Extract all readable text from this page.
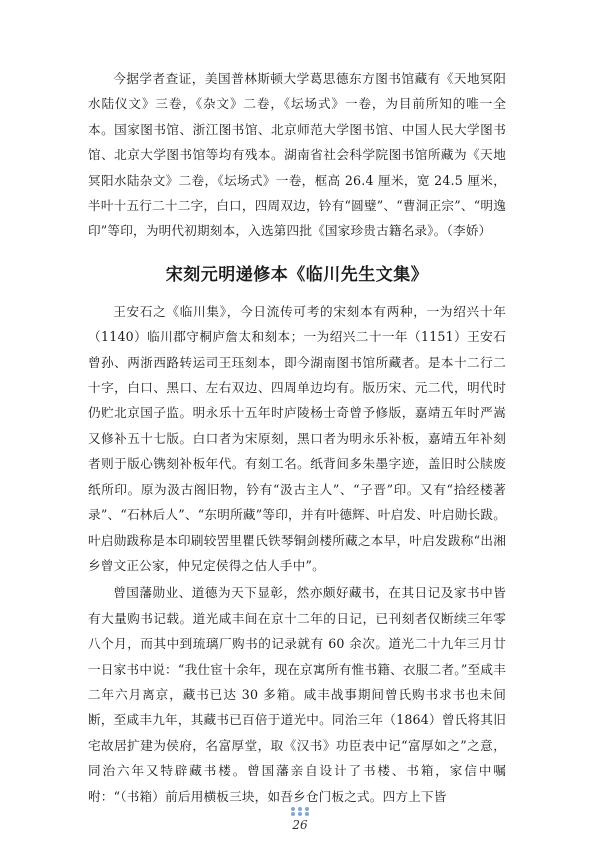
今据学者查证，美国普林斯顿大学葛思德东方图书馆藏有《天地冥阳水陆仪文》三卷，《杂文》二卷，《坛场式》一卷，为目前所知的唯一全本。国家图书馆、浙江图书馆、北京师范大学图书馆、中国人民大学图书馆、北京大学图书馆等均有残本。湖南省社会科学院图书馆所藏为《天地冥阳水陆杂文》二卷，《坛场式》一卷，框高 26.4 厘米，宽 24.5 厘米，半叶十五行二十二字，白口，四周双边，钤有“圆璧”、“曹洞正宗”、“明逸印”等印，为明代初期刻本，入选第四批《国家珍贵古籍名录》。（李娇）

宋刻元明递修本《临川先生文集》

王安石之《临川集》，今日流传可考的宋刻本有两种，一为绍兴十年（1140）临川郡守桐庐詹太和刻本；一为绍兴二十一年（1151）王安石曾孙、两浙西路转运司王珏刻本，即今湖南图书馆所藏者。是本十二行二十字，白口、黑口、左右双边、四周单边均有。版历宋、元二代，明代时仍贮北京国子监。明永乐十五年时庐陵杨士奇曾予修版，嘉靖五年时严嵩又修补五十七版。白口者为宋原刻，黑口者为明永乐补板，嘉靖五年补刻者则于版心镌刻补板年代。有刻工名。纸背间多朱墨字迹，盖旧时公牍废纸所印。原为汲古阁旧物，钤有“汲古主人”、“子晋”印。又有“拾经楼著录”、“石林后人”、“东明所藏”等印，并有叶德辉、叶启发、叶启勋长跋。叶启勋跋称是本印刷较罟里瞿氏铁琴铜剑楼所藏之本早，叶启发跋称“出湘乡曾文正公家，仲兄定侯得之估人手中”。

曾国藩勋业、道德为天下显彰，然亦颇好藏书，在其日记及家书中皆有大量购书记载。道光咸丰间在京十二年的日记，已刊刻者仅断续三年零八个月，而其中到琉璃厂购书的记录就有 60 余次。道光二十九年三月廿一日家书中说：“我仕宦十余年，现在京寓所有惟书籍、衣服二者。”至咸丰二年六月离京，藏书已达 30 多箱。咸丰战事期间曾氏购书求书也未间断，至咸丰九年，其藏书已百倍于道光中。同治三年（1864）曾氏将其旧宅故居扩建为侯府，名富厚堂，取《汉书》功臣表中记“富厚如之”之意，同治六年又特辟藏书楼。曾国藩亲自设计了书楼、书箱，家信中嘱咐：“（书箱）前后用横板三块，如吾乡仓门板之式。四方上下皆

26
